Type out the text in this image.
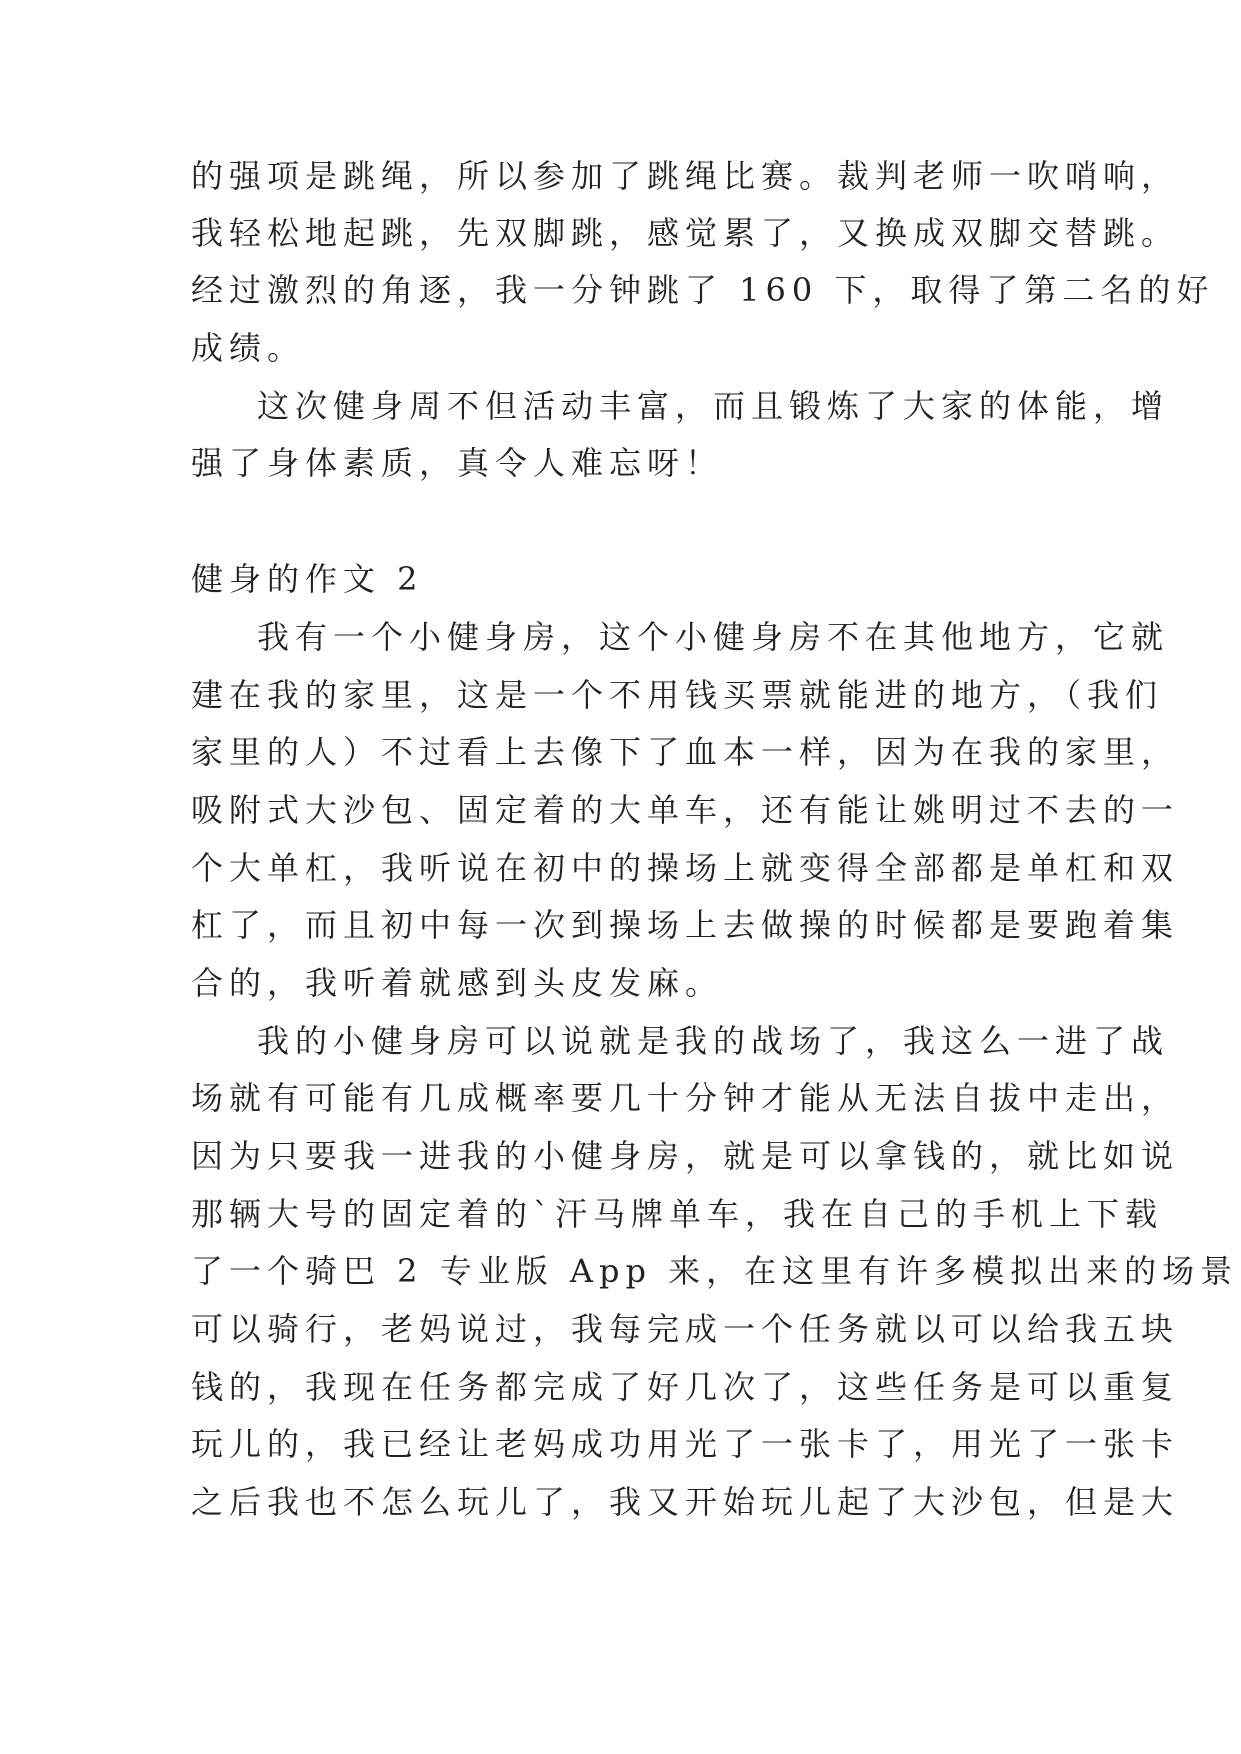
的强项是跳绳，所以参加了跳绳比赛。裁判老师一吹哨响，
我轻松地起跳，先双脚跳，感觉累了，又换成双脚交替跳。
经过激烈的角逐，我一分钟跳了 160 下，取得了第二名的好
成绩。
这次健身周不但活动丰富，而且锻炼了大家的体能，增
强了身体素质，真令人难忘呀！
健身的作文 2
我有一个小健身房，这个小健身房不在其他地方，它就
建在我的家里，这是一个不用钱买票就能进的地方，（我们
家里的人）不过看上去像下了血本一样，因为在我的家里，
吸附式大沙包、固定着的大单车，还有能让姚明过不去的一
个大单杠，我听说在初中的操场上就变得全部都是单杠和双
杠了，而且初中每一次到操场上去做操的时候都是要跑着集
合的，我听着就感到头皮发麻。
我的小健身房可以说就是我的战场了，我这么一进了战
场就有可能有几成概率要几十分钟才能从无法自拔中走出，
因为只要我一进我的小健身房，就是可以拿钱的，就比如说
那辆大号的固定着的`汗马牌单车，我在自己的手机上下载
了一个骑巴 2 专业版 App 来，在这里有许多模拟出来的场景
可以骑行，老妈说过，我每完成一个任务就以可以给我五块
钱的，我现在任务都完成了好几次了，这些任务是可以重复
玩儿的，我已经让老妈成功用光了一张卡了，用光了一张卡
之后我也不怎么玩儿了，我又开始玩儿起了大沙包，但是大
